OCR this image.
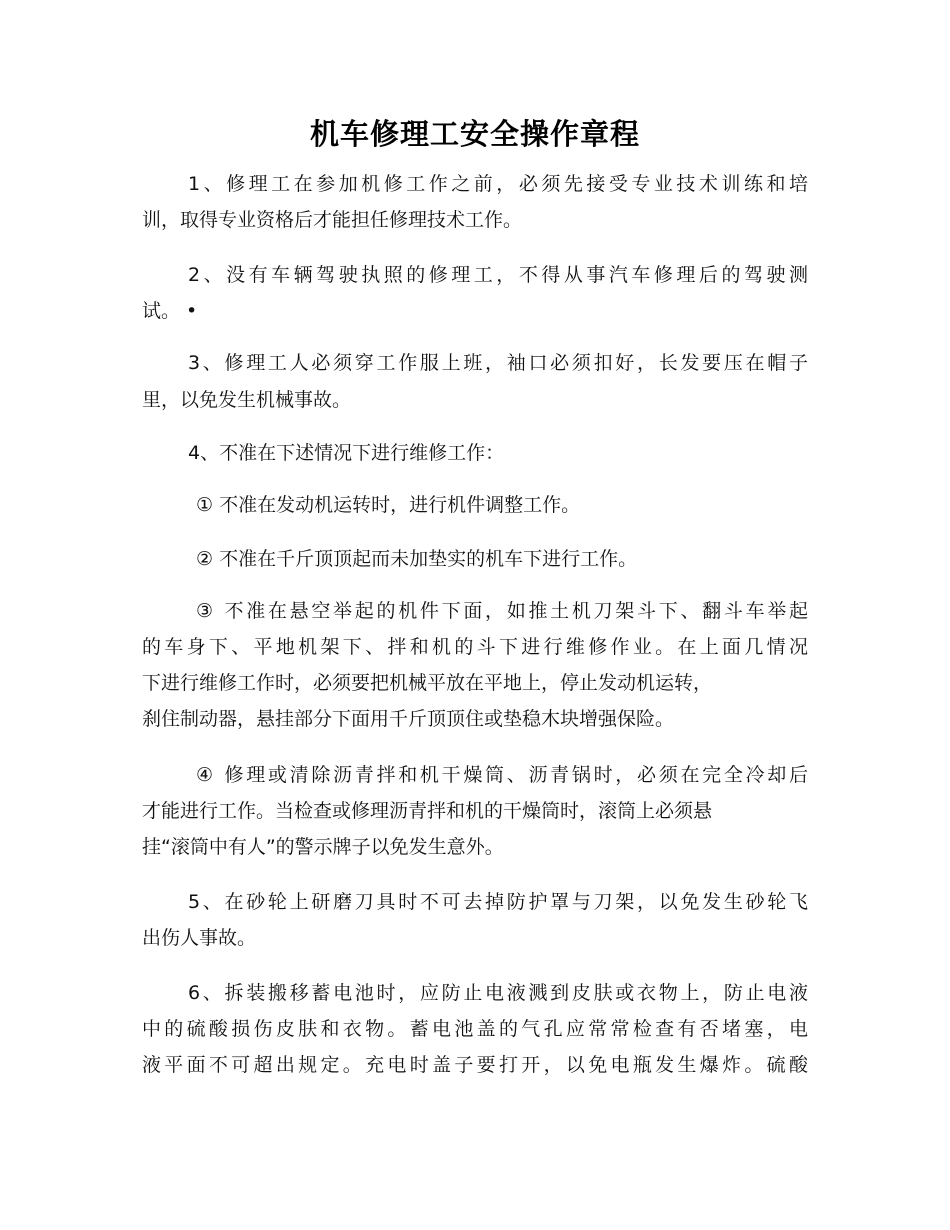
机车修理工安全操作章程
1、修理工在参加机修工作之前，必须先接受专业技术训练和培
训，取得专业资格后才能担任修理技术工作。
2、没有车辆驾驶执照的修理工，不得从事汽车修理后的驾驶测
试。 •
3、修理工人必须穿工作服上班，袖口必须扣好，长发要压在帽子
里，以免发生机械事故。
4、不准在下述情况下进行维修工作：
① 不准在发动机运转时，进行机件调整工作。
② 不准在千斤顶顶起而未加垫实的机车下进行工作。
③ 不准在悬空举起的机件下面，如推土机刀架斗下、翻斗车举起
的车身下、平地机架下、拌和机的斗下进行维修作业。在上面几情况
下进行维修工作时，必须要把机械平放在平地上，停止发动机运转，
刹住制动器，悬挂部分下面用千斤顶顶住或垫稳木块增强保险。
④ 修理或清除沥青拌和机干燥筒、沥青锅时，必须在完全冷却后
才能进行工作。当检查或修理沥青拌和机的干燥筒时，滚筒上必须悬
挂“滚筒中有人”的警示牌子以免发生意外。
5、在砂轮上研磨刀具时不可去掉防护罩与刀架，以免发生砂轮飞
出伤人事故。
6、拆装搬移蓄电池时，应防止电液溅到皮肤或衣物上，防止电液
中的硫酸损伤皮肤和衣物。蓄电池盖的气孔应常常检查有否堵塞，电
液平面不可超出规定。充电时盖子要打开，以免电瓶发生爆炸。硫酸
